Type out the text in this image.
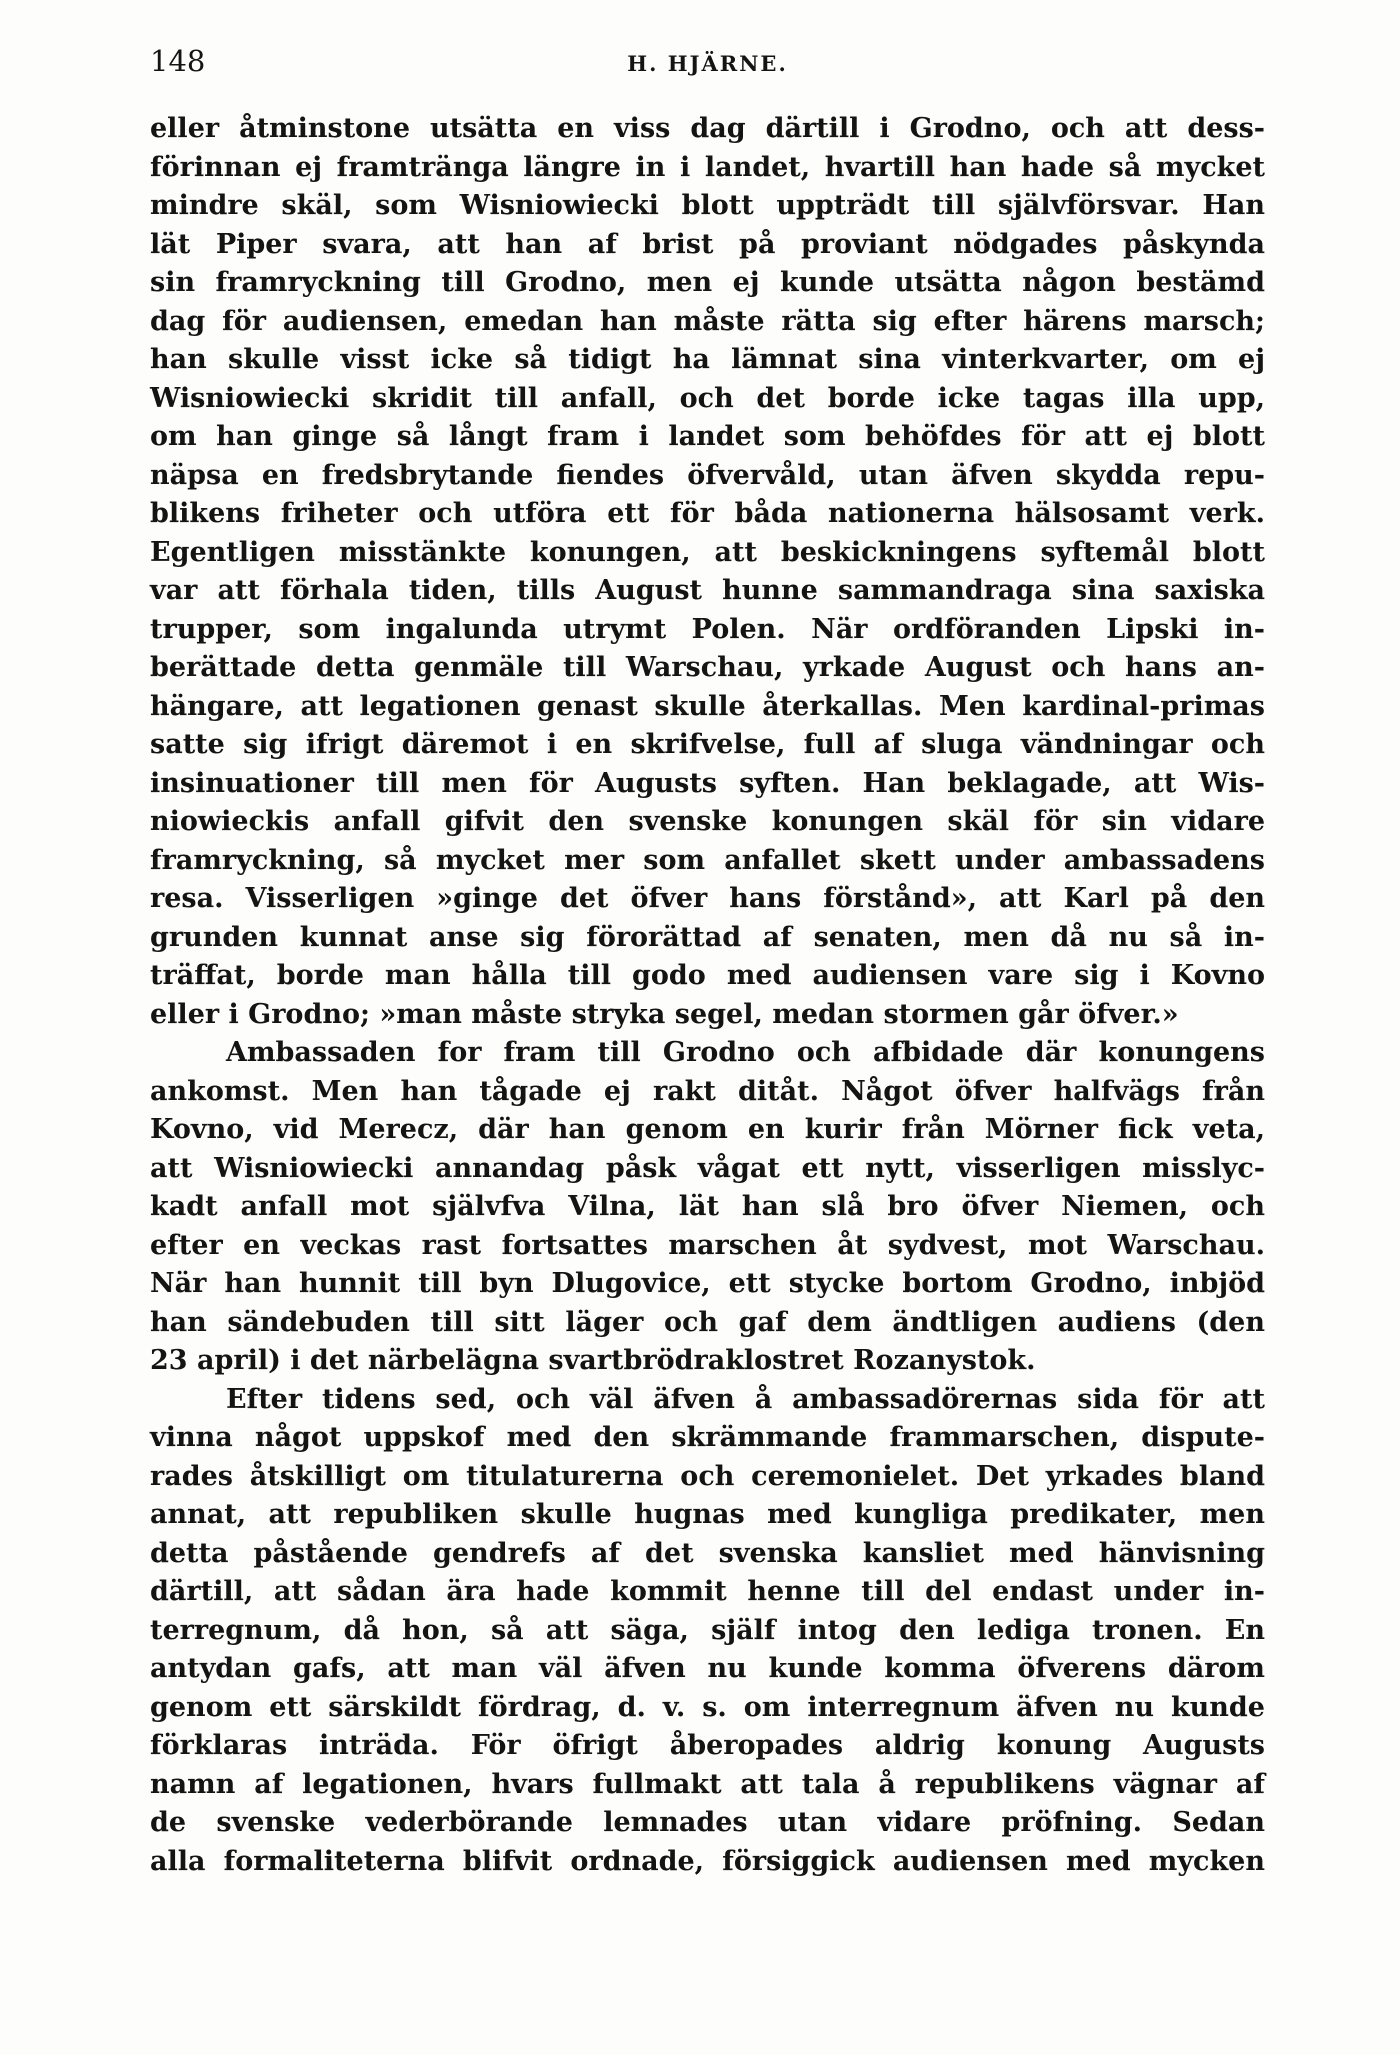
148	H. HJÄRNE.
eller åtminstone utsätta en viss dag därtill i Grodno, och att dess-
förinnan ej framtränga längre in i landet, hvartill han hade så mycket
mindre skäl, som Wisniowiecki blott uppträdt till självförsvar. Han
lät Piper svara, att han af brist på proviant nödgades påskynda
sin framryckning till Grodno, men ej kunde utsätta någon bestämd
dag för audiensen, emedan han måste rätta sig efter härens marsch;
han skulle visst icke så tidigt ha lämnat sina vinterkvarter, om ej
Wisniowiecki skridit till anfall, och det borde icke tagas illa upp,
om han ginge så långt fram i landet som behöfdes för att ej blott
näpsa en fredsbrytande fiendes öfvervåld, utan äfven skydda repu-
blikens friheter och utföra ett för båda nationerna hälsosamt verk.
Egentligen misstänkte konungen, att beskickningens syftemål blott
var att förhala tiden, tills August hunne sammandraga sina saxiska
trupper, som ingalunda utrymt Polen. När ordföranden Lipski in-
berättade detta genmäle till Warschau, yrkade August och hans an-
hängare, att legationen genast skulle återkallas. Men kardinal-primas
satte sig ifrigt däremot i en skrifvelse, full af sluga vändningar och
insinuationer till men för Augusts syften. Han beklagade, att Wis-
niowieckis anfall gifvit den svenske konungen skäl för sin vidare
framryckning, så mycket mer som anfallet skett under ambassadens
resa. Visserligen »ginge det öfver hans förstånd», att Karl på den
grunden kunnat anse sig förorättad af senaten, men då nu så in-
träffat, borde man hålla till godo med audiensen vare sig i Kovno
eller i Grodno; »man måste stryka segel, medan stormen går öfver.»
Ambassaden for fram till Grodno och afbidade där konungens
ankomst. Men han tågade ej rakt ditåt. Något öfver halfvägs från
Kovno, vid Merecz, där han genom en kurir från Mörner fick veta,
att Wisniowiecki annandag påsk vågat ett nytt, visserligen misslyc-
kadt anfall mot självfva Vilna, lät han slå bro öfver Niemen, och
efter en veckas rast fortsattes marschen åt sydvest, mot Warschau.
När han hunnit till byn Dlugovice, ett stycke bortom Grodno, inbjöd
han sändebuden till sitt läger och gaf dem ändtligen audiens (den
23 april) i det närbelägna svartbrödraklostret Rozanystok.
Efter tidens sed, och väl äfven å ambassadörernas sida för att
vinna något uppskof med den skrämmande frammarschen, dispute-
rades åtskilligt om titulaturerna och ceremonielet. Det yrkades bland
annat, att republiken skulle hugnas med kungliga predikater, men
detta påstående gendrefs af det svenska kansliet med hänvisning
därtill, att sådan ära hade kommit henne till del endast under in-
terregnum, då hon, så att säga, själf intog den lediga tronen. En
antydan gafs, att man väl äfven nu kunde komma öfverens därom
genom ett särskildt fördrag, d. v. s. om interregnum äfven nu kunde
förklaras inträda. För öfrigt åberopades aldrig konung Augusts
namn af legationen, hvars fullmakt att tala å republikens vägnar af
de svenske vederbörande lemnades utan vidare pröfning. Sedan
alla formaliteterna blifvit ordnade, försiggick audiensen med mycken
